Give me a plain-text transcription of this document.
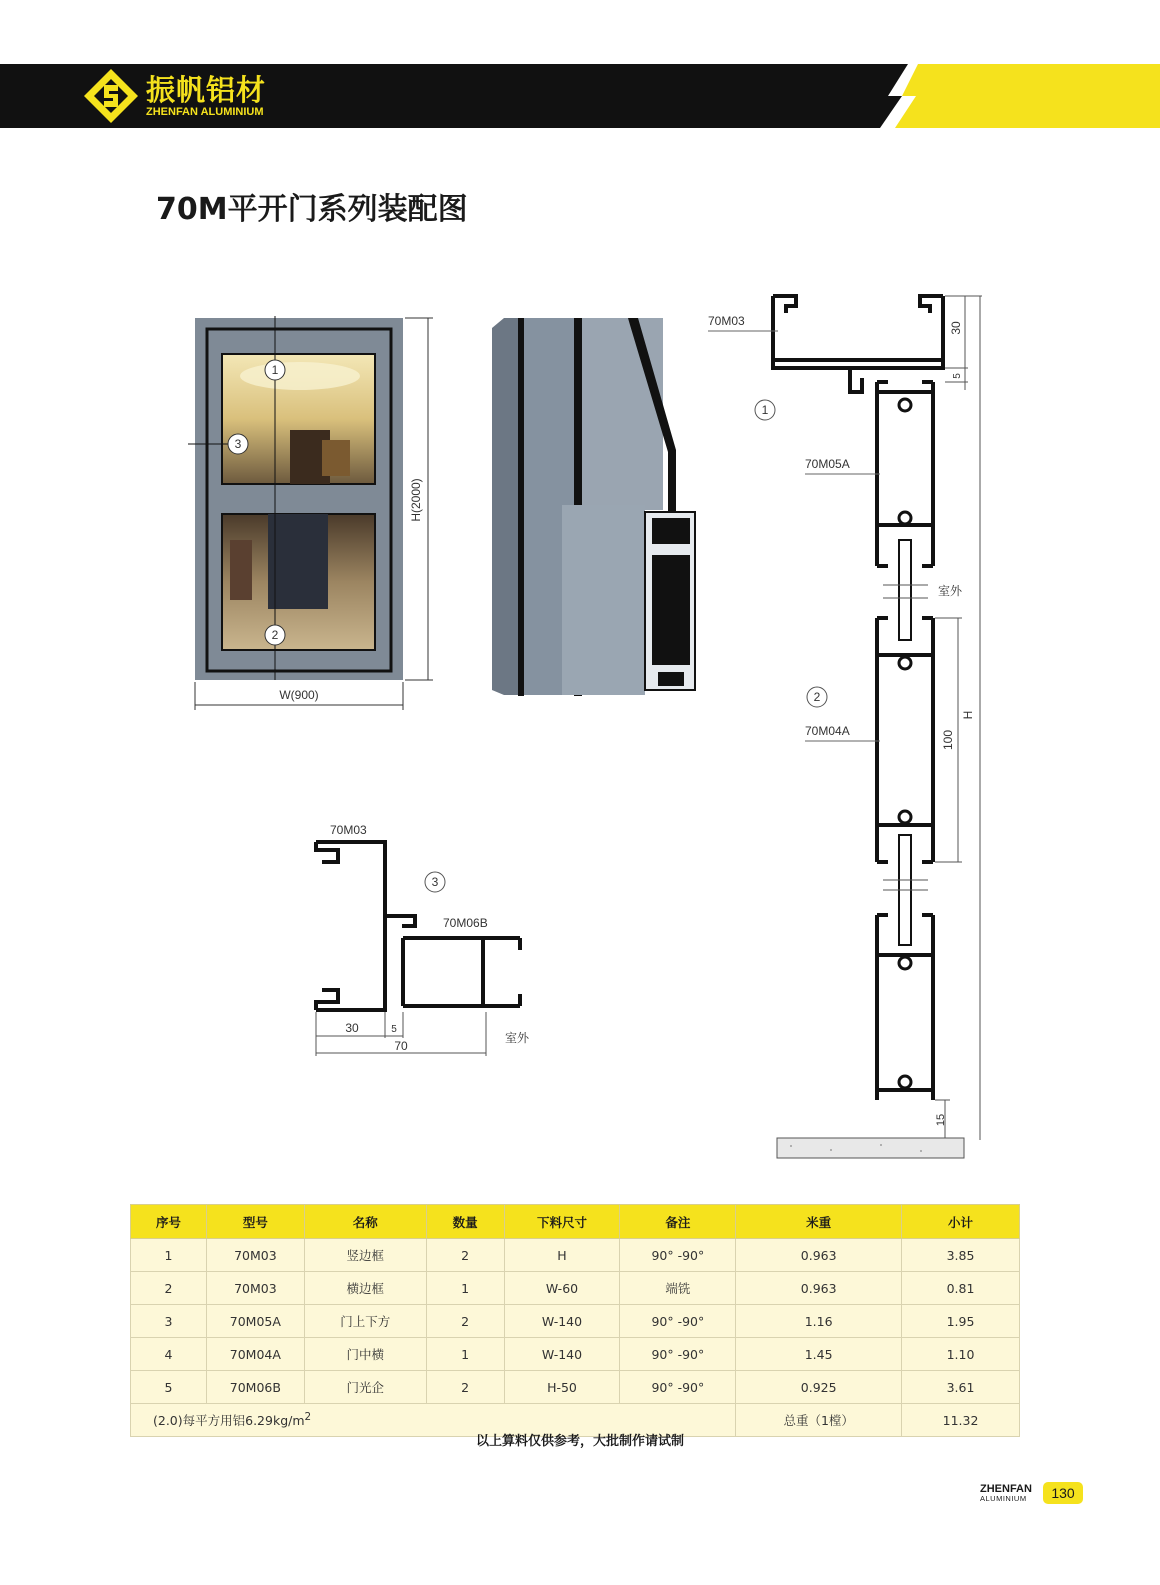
振帆铝材
ZHENFAN ALUMINIUM
70M平开门系列装配图
1
3
2
W(900)
H(2000)
70M03	30
5
1
70M05A
室外
2
70M04A	100
H
15
70M03
3
70M06B
30	5
70
室外
序号	型号	名称	数量	下料尺寸	备注	米重	小计
1	70M03	竖边框	2	H	90° -90°	0.963	3.85
2	70M03	横边框	1	W-60	端铣	0.963	0.81
3	70M05A	门上下方	2	W-140	90° -90°	1.16	1.95
4	70M04A	门中横	1	W-140	90° -90°	1.45	1.10
5	70M06B	门光企	2	H-50	90° -90°	0.925	3.61
(2.0)每平方用铝$6.29kg/m^2$						总重（1樘）	11.32
以上算料仅供参考，大批制作请试制
ZHENFAN
ALUMINIUM	130
